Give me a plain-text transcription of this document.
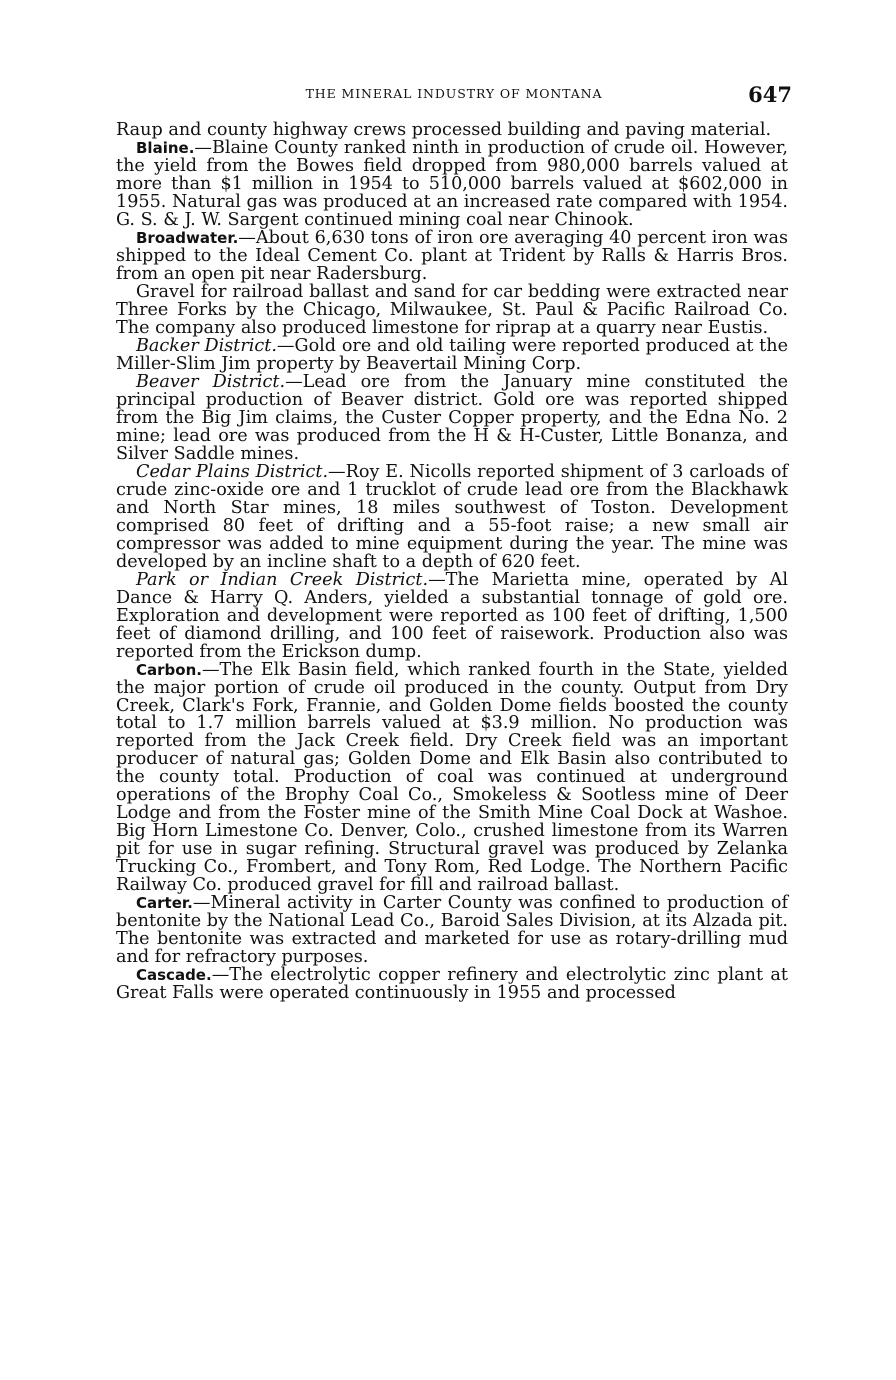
THE MINERAL INDUSTRY OF MONTANA	647

Raup and county highway crews processed building and paving material.

Blaine.—Blaine County ranked ninth in production of crude oil. However, the yield from the Bowes field dropped from 980,000 barrels valued at more than $1 million in 1954 to 510,000 barrels valued at $602,000 in 1955. Natural gas was produced at an increased rate compared with 1954. G. S. & J. W. Sargent continued mining coal near Chinook.

Broadwater.—About 6,630 tons of iron ore averaging 40 percent iron was shipped to the Ideal Cement Co. plant at Trident by Ralls & Harris Bros. from an open pit near Radersburg.

Gravel for railroad ballast and sand for car bedding were extracted near Three Forks by the Chicago, Milwaukee, St. Paul & Pacific Railroad Co. The company also produced limestone for riprap at a quarry near Eustis.

Backer District.—Gold ore and old tailing were reported produced at the Miller-Slim Jim property by Beavertail Mining Corp.

Beaver District.—Lead ore from the January mine constituted the principal production of Beaver district. Gold ore was reported shipped from the Big Jim claims, the Custer Copper property, and the Edna No. 2 mine; lead ore was produced from the H & H-Custer, Little Bonanza, and Silver Saddle mines.

Cedar Plains District.—Roy E. Nicolls reported shipment of 3 carloads of crude zinc-oxide ore and 1 trucklot of crude lead ore from the Blackhawk and North Star mines, 18 miles southwest of Toston. Development comprised 80 feet of drifting and a 55-foot raise; a new small air compressor was added to mine equipment during the year. The mine was developed by an incline shaft to a depth of 620 feet.

Park or Indian Creek District.—The Marietta mine, operated by Al Dance & Harry Q. Anders, yielded a substantial tonnage of gold ore. Exploration and development were reported as 100 feet of drifting, 1,500 feet of diamond drilling, and 100 feet of raisework. Production also was reported from the Erickson dump.

Carbon.—The Elk Basin field, which ranked fourth in the State, yielded the major portion of crude oil produced in the county. Output from Dry Creek, Clark's Fork, Frannie, and Golden Dome fields boosted the county total to 1.7 million barrels valued at $3.9 million. No production was reported from the Jack Creek field. Dry Creek field was an important producer of natural gas; Golden Dome and Elk Basin also contributed to the county total. Production of coal was continued at underground operations of the Brophy Coal Co., Smokeless & Sootless mine of Deer Lodge and from the Foster mine of the Smith Mine Coal Dock at Washoe. Big Horn Limestone Co. Denver, Colo., crushed limestone from its Warren pit for use in sugar refining. Structural gravel was produced by Zelanka Trucking Co., Frombert, and Tony Rom, Red Lodge. The Northern Pacific Railway Co. produced gravel for fill and railroad ballast.

Carter.—Mineral activity in Carter County was confined to production of bentonite by the National Lead Co., Baroid Sales Division, at its Alzada pit. The bentonite was extracted and marketed for use as rotary-drilling mud and for refractory purposes.

Cascade.—The electrolytic copper refinery and electrolytic zinc plant at Great Falls were operated continuously in 1955 and processed
